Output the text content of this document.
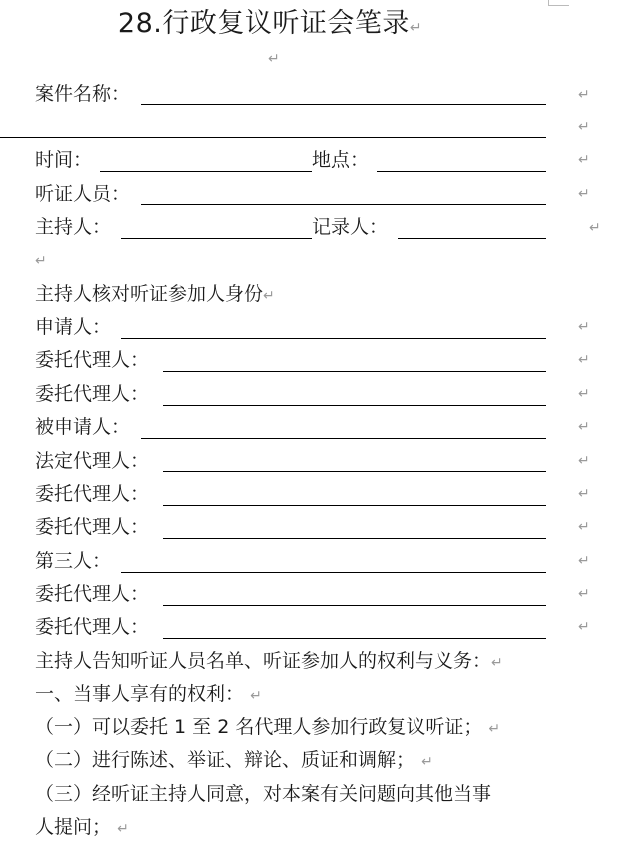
28.行政复议听证会笔录↵
↵
案件名称：	↵
↵
时间：	地点：	↵
听证人员：	↵
主持人：	记录人：	↵
↵
主持人核对听证参加人身份↵
申请人：	↵
委托代理人：	↵
委托代理人：	↵
被申请人：	↵
法定代理人：	↵
委托代理人：	↵
委托代理人：	↵
第三人：	↵
委托代理人：	↵
委托代理人：	↵
主持人告知听证人员名单、听证参加人的权利与义务：↵
一、当事人享有的权利： ↵
（一）可以委托 1 至 2 名代理人参加行政复议听证； ↵
（二）进行陈述、举证、辩论、质证和调解； ↵
（三）经听证主持人同意，对本案有关问题向其他当事
人提问； ↵
